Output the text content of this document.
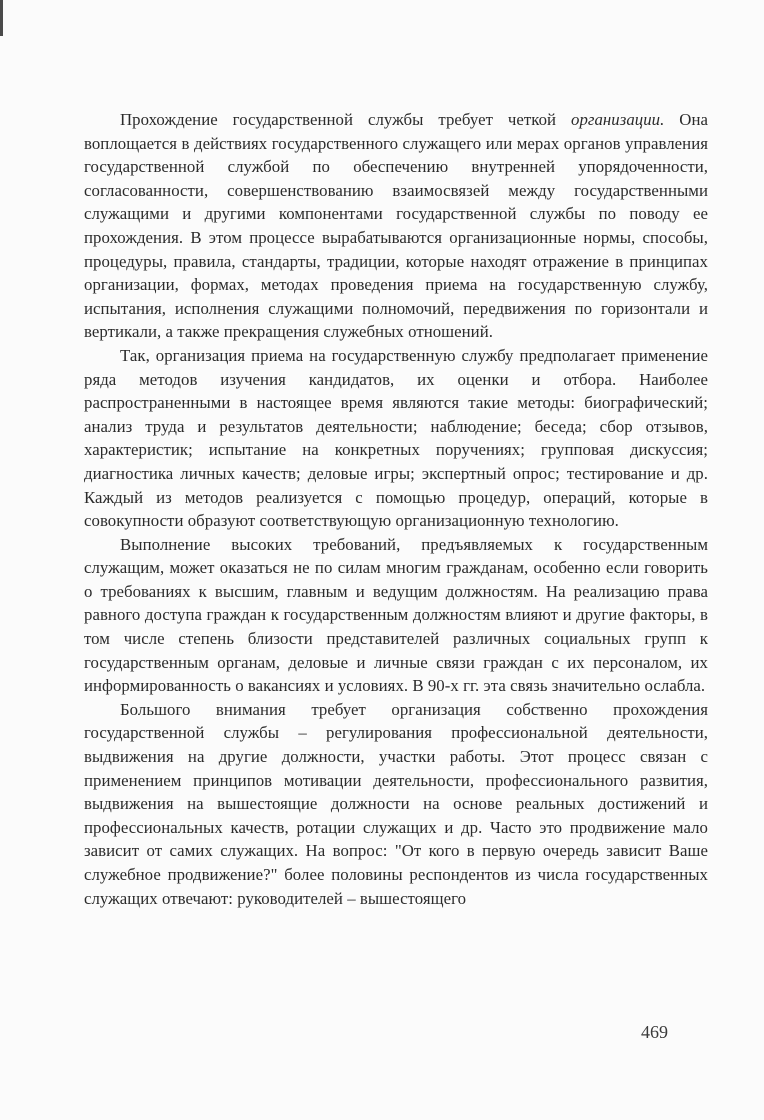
Прохождение государственной службы требует четкой организации. Она воплощается в действиях государственного служащего или мерах органов управления государственной службой по обеспечению внутренней упорядоченности, согласованности, совершенствованию взаимосвязей между государственными служащими и другими компонентами государственной службы по поводу ее прохождения. В этом процессе вырабатываются организационные нормы, способы, процедуры, правила, стандарты, традиции, которые находят отражение в принципах организации, формах, методах проведения приема на государственную службу, испытания, исполнения служащими полномочий, передвижения по горизонтали и вертикали, а также прекращения служебных отношений.

Так, организация приема на государственную службу предполагает применение ряда методов изучения кандидатов, их оценки и отбора. Наиболее распространенными в настоящее время являются такие методы: биографический; анализ труда и результатов деятельности; наблюдение; беседа; сбор отзывов, характеристик; испытание на конкретных поручениях; групповая дискуссия; диагностика личных качеств; деловые игры; экспертный опрос; тестирование и др. Каждый из методов реализуется с помощью процедур, операций, которые в совокупности образуют соответствующую организационную технологию.

Выполнение высоких требований, предъявляемых к государственным служащим, может оказаться не по силам многим гражданам, особенно если говорить о требованиях к высшим, главным и ведущим должностям. На реализацию права равного доступа граждан к государственным должностям влияют и другие факторы, в том числе степень близости представителей различных социальных групп к государственным органам, деловые и личные связи граждан с их персоналом, их информированность о вакансиях и условиях. В 90-х гг. эта связь значительно ослабла.

Большого внимания требует организация собственно прохождения государственной службы – регулирования профессиональной деятельности, выдвижения на другие должности, участки работы. Этот процесс связан с применением принципов мотивации деятельности, профессионального развития, выдвижения на вышестоящие должности на основе реальных достижений и профессиональных качеств, ротации служащих и др. Часто это продвижение мало зависит от самих служащих. На вопрос: "От кого в первую очередь зависит Ваше служебное продвижение?" более половины респондентов из числа государственных служащих отвечают: руководителей – вышестоящего

469
